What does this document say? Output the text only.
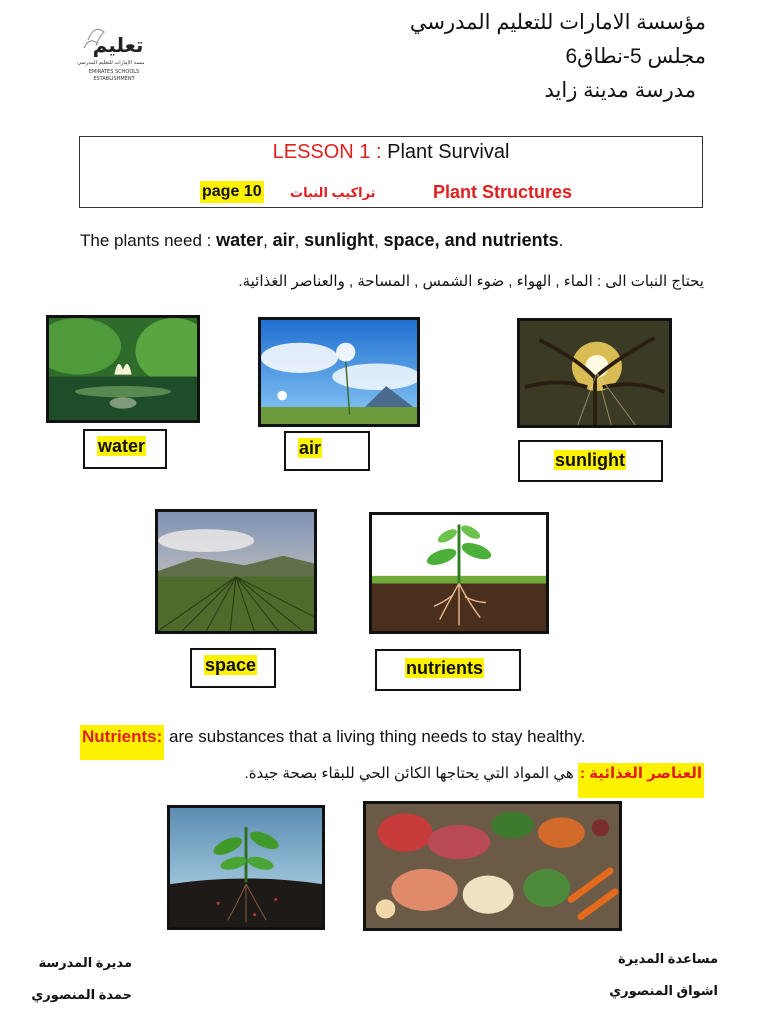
تعليم
مؤسسة الإمارات للتعليم المدرسي
EMIRATES SCHOOLS
ESTABLISHMENT
مؤسسة الامارات للتعليم المدرسي
مجلس 5-نطاق6
مدرسة مدينة زايد
LESSON 1 : Plant Survival
page 10 تراكيب النبات	Plant Structures
The plants need : water, air, sunlight, space, and nutrients.
يحتاج النبات الى : الماء , الهواء , ضوء الشمس , المساحة , والعناصر الغذائية.
water	air
sunlight
space	nutrients
Nutrients: are substances that a living thing needs to stay healthy.
العناصر الغذائية : هي المواد التي يحتاجها الكائن الحي للبقاء بصحة جيدة.
مديرة المدرسة
حمدة المنصوري
مساعدة المديرة
اشواق المنصوري
